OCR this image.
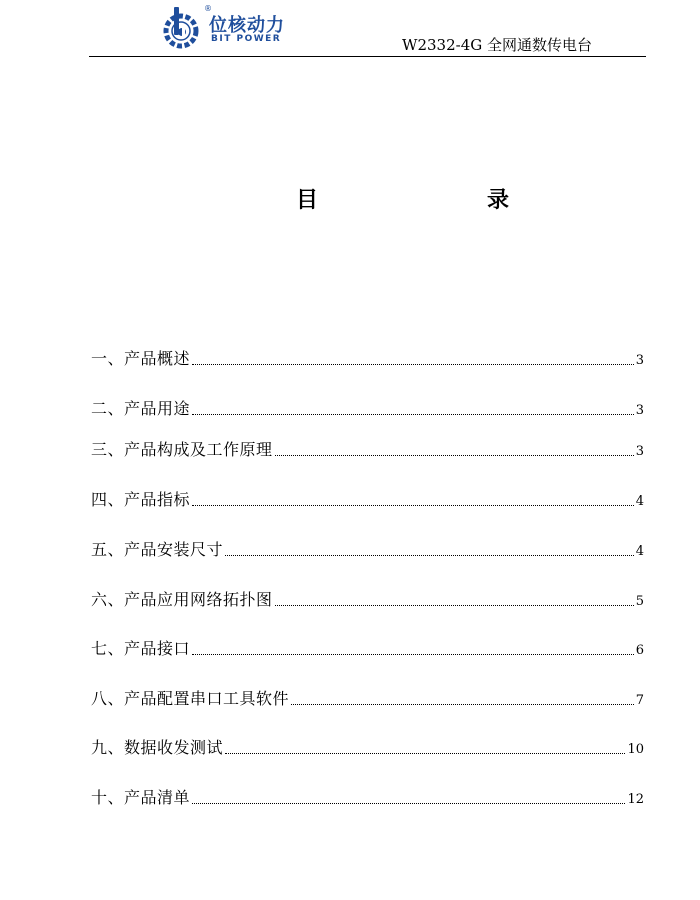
®
位核动力
BIT POWER	W2332-4G 全网通数传电台
目	录
一、产品概述	3
二、产品用途	3
三、产品构成及工作原理	3
四、产品指标	4
五、产品安装尺寸	4
六、产品应用网络拓扑图	5
七、产品接口	6
八、产品配置串口工具软件	7
九、数据收发测试	10
十、产品清单	12
